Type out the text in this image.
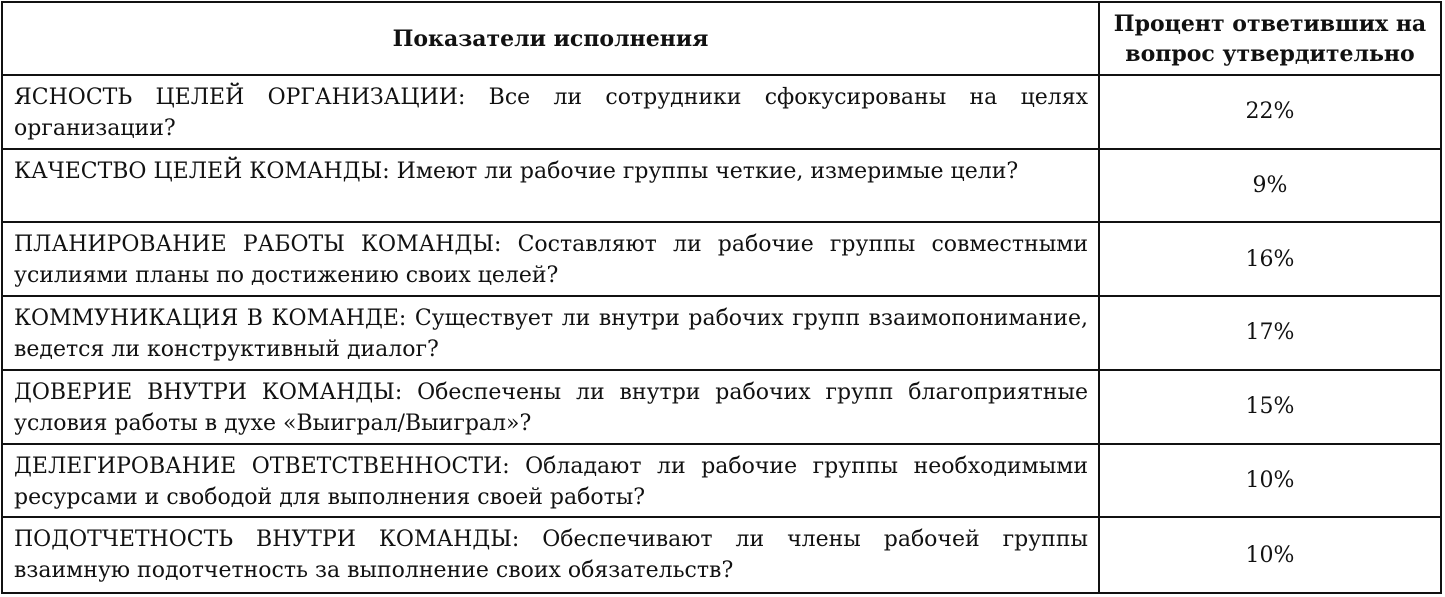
Показатели исполнения
Процент ответивших на вопрос утвердительно
ЯСНОСТЬ ЦЕЛЕЙ ОРГАНИЗАЦИИ: Все ли сотрудники сфокусированы на целях организации?
22%
КАЧЕСТВО ЦЕЛЕЙ КОМАНДЫ: Имеют ли рабочие группы четкие, измеримые цели?
9%
ПЛАНИРОВАНИЕ РАБОТЫ КОМАНДЫ: Составляют ли рабочие группы совместными усилиями планы по достижению своих целей?
16%
КОММУНИКАЦИЯ В КОМАНДЕ: Существует ли внутри рабочих групп взаимопонимание, ведется ли конструктивный диалог?
17%
ДОВЕРИЕ ВНУТРИ КОМАНДЫ: Обеспечены ли внутри рабочих групп благоприятные условия работы в духе «Выиграл/Выиграл»?
15%
ДЕЛЕГИРОВАНИЕ ОТВЕТСТВЕННОСТИ: Обладают ли рабочие группы необходимыми ресурсами и свободой для выполнения своей работы?
10%
ПОДОТЧЕТНОСТЬ ВНУТРИ КОМАНДЫ: Обеспечивают ли члены рабочей группы взаимную подотчетность за выполнение своих обязательств?
10%
